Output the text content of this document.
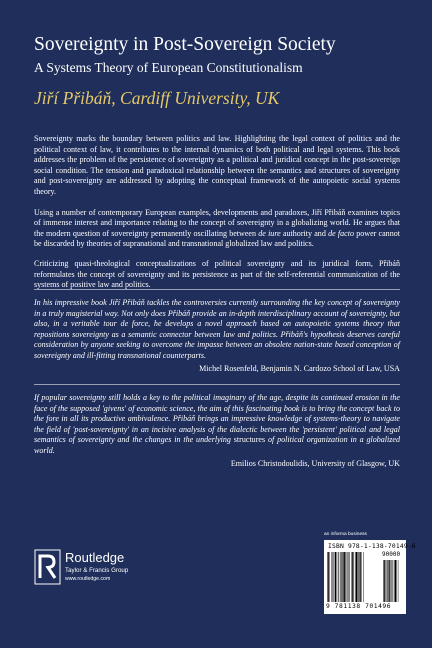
Sovereignty in Post-Sovereign Society
A Systems Theory of European Constitutionalism
Jiří Přibáň, Cardiff University, UK

Sovereignty marks the boundary between politics and law. Highlighting the legal context of politics and the political context of law, it contributes to the internal dynamics of both political and legal systems. This book addresses the problem of the persistence of sovereignty as a political and juridical concept in the post-sovereign social condition. The tension and paradoxical relationship between the semantics and structures of sovereignty and post-sovereignty are addressed by adopting the conceptual framework of the autopoietic social systems theory.

Using a number of contemporary European examples, developments and paradoxes, Jiří Přibáň examines topics of immense interest and importance relating to the concept of sovereignty in a globalizing world. He argues that the modern question of sovereignty permanently oscillating between de iure authority and de facto power cannot be discarded by theories of supranational and transnational globalized law and politics.

Criticizing quasi-theological conceptualizations of political sovereignty and its juridical form, Přibáň reformulates the concept of sovereignty and its persistence as part of the self-referential communication of the systems of positive law and politics.

In his impressive book Jiří Přibáň tackles the controversies currently surrounding the key concept of sovereignty in a truly magisterial way. Not only does Přibáň provide an in-depth interdisciplinary account of sovereignty, but also, in a veritable tour de force, he develops a novel approach based on autopoietic systems theory that repositions sovereignty as a semantic connector between law and politics. Přibáň's hypothesis deserves careful consideration by anyone seeking to overcome the impasse between an obsolete nation-state based conception of sovereignty and ill-fitting transnational counterparts.

Michel Rosenfeld, Benjamin N. Cardozo School of Law, USA

If popular sovereignty still holds a key to the political imaginary of the age, despite its continued erosion in the face of the supposed 'givens' of economic science, the aim of this fascinating book is to bring the concept back to the fore in all its productive ambivalence. Přibáň brings an impressive knowledge of systems-theory to navigate the field of 'post-sovereignty' in an incisive analysis of the dialectic between the 'persistent' political and legal semantics of sovereignty and the changes in the underlying structures of political organization in a globalized world.

Emilios Christodoulidis, University of Glasgow, UK

Routledge
Taylor & Francis Group
www.routledge.com
an informa business
ISBN 978-1-138-70149-6
90000
9 781138 701496
